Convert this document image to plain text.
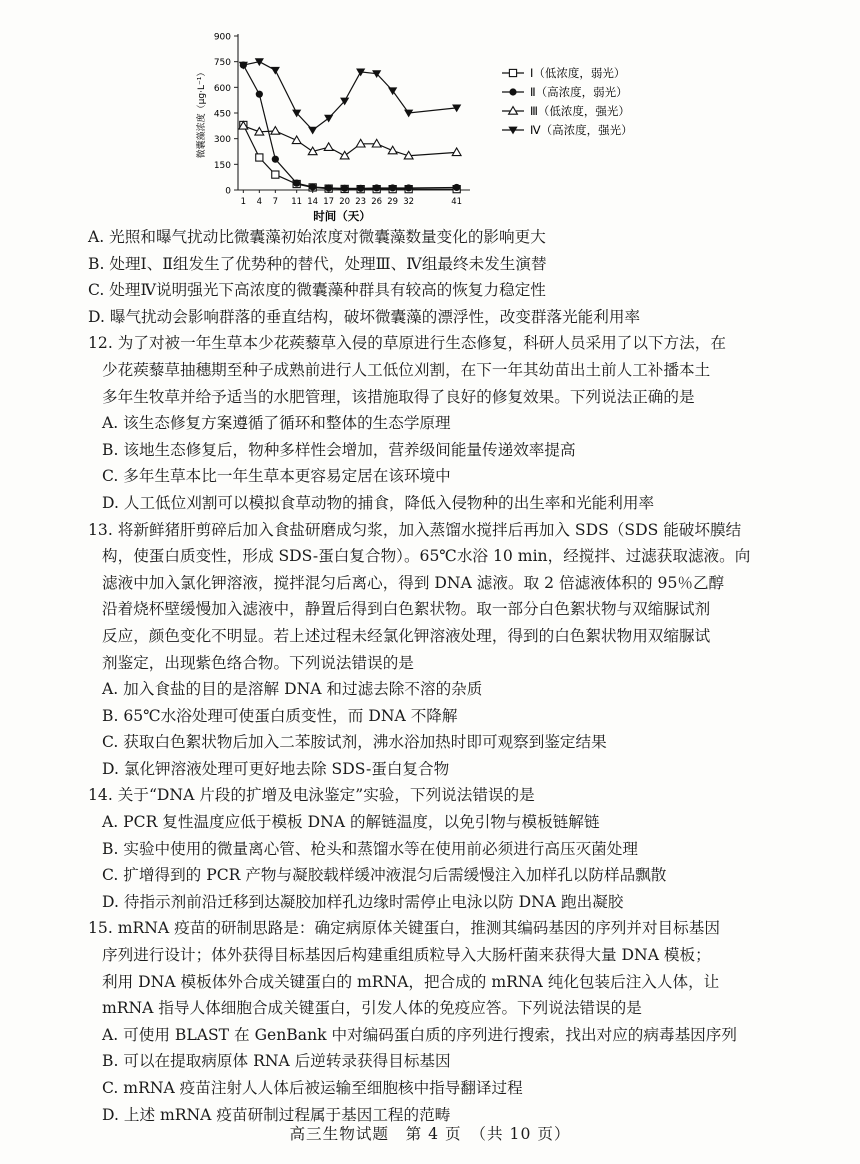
0
150
300
450
600
750
900
1 4 7 11 14 17 20 23 26 29 32	41
时间（天）
微囊藻浓度（μg·L⁻¹）	Ⅰ（低浓度，弱光）
Ⅱ（高浓度，弱光）
Ⅲ（低浓度，强光）
Ⅳ（高浓度，强光）
A. 光照和曝气扰动比微囊藻初始浓度对微囊藻数量变化的影响更大
B. 处理Ⅰ、Ⅱ组发生了优势种的替代，处理Ⅲ、Ⅳ组最终未发生演替
C. 处理Ⅳ说明强光下高浓度的微囊藻种群具有较高的恢复力稳定性
D. 曝气扰动会影响群落的垂直结构，破坏微囊藻的漂浮性，改变群落光能利用率
12. 为了对被一年生草本少花蒺藜草入侵的草原进行生态修复，科研人员采用了以下方法，在
少花蒺藜草抽穗期至种子成熟前进行人工低位刈割，在下一年其幼苗出土前人工补播本土
多年生牧草并给予适当的水肥管理，该措施取得了良好的修复效果。下列说法正确的是
A. 该生态修复方案遵循了循环和整体的生态学原理
B. 该地生态修复后，物种多样性会增加，营养级间能量传递效率提高
C. 多年生草本比一年生草本更容易定居在该环境中
D. 人工低位刈割可以模拟食草动物的捕食，降低入侵物种的出生率和光能利用率
13. 将新鲜猪肝剪碎后加入食盐研磨成匀浆，加入蒸馏水搅拌后再加入 SDS（SDS 能破坏膜结
构，使蛋白质变性，形成 SDS-蛋白复合物）。65℃水浴 10 min，经搅拌、过滤获取滤液。向
滤液中加入氯化钾溶液，搅拌混匀后离心，得到 DNA 滤液。取 2 倍滤液体积的 95％乙醇
沿着烧杯壁缓慢加入滤液中，静置后得到白色絮状物。取一部分白色絮状物与双缩脲试剂
反应，颜色变化不明显。若上述过程未经氯化钾溶液处理，得到的白色絮状物用双缩脲试
剂鉴定，出现紫色络合物。下列说法错误的是
A. 加入食盐的目的是溶解 DNA 和过滤去除不溶的杂质
B. 65℃水浴处理可使蛋白质变性，而 DNA 不降解
C. 获取白色絮状物后加入二苯胺试剂，沸水浴加热时即可观察到鉴定结果
D. 氯化钾溶液处理可更好地去除 SDS-蛋白复合物
14. 关于“DNA 片段的扩增及电泳鉴定”实验，下列说法错误的是
A. PCR 复性温度应低于模板 DNA 的解链温度，以免引物与模板链解链
B. 实验中使用的微量离心管、枪头和蒸馏水等在使用前必须进行高压灭菌处理
C. 扩增得到的 PCR 产物与凝胶载样缓冲液混匀后需缓慢注入加样孔以防样品飘散
D. 待指示剂前沿迁移到达凝胶加样孔边缘时需停止电泳以防 DNA 跑出凝胶
15. mRNA 疫苗的研制思路是：确定病原体关键蛋白，推测其编码基因的序列并对目标基因
序列进行设计；体外获得目标基因后构建重组质粒导入大肠杆菌来获得大量 DNA 模板；
利用 DNA 模板体外合成关键蛋白的 mRNA，把合成的 mRNA 纯化包装后注入人体，让
mRNA 指导人体细胞合成关键蛋白，引发人体的免疫应答。下列说法错误的是
A. 可使用 BLAST 在 GenBank 中对编码蛋白质的序列进行搜索，找出对应的病毒基因序列
B. 可以在提取病原体 RNA 后逆转录获得目标基因
C. mRNA 疫苗注射人人体后被运输至细胞核中指导翻译过程
D. 上述 mRNA 疫苗研制过程属于基因工程的范畴
高三生物试题　第 4 页　（共 10 页）
